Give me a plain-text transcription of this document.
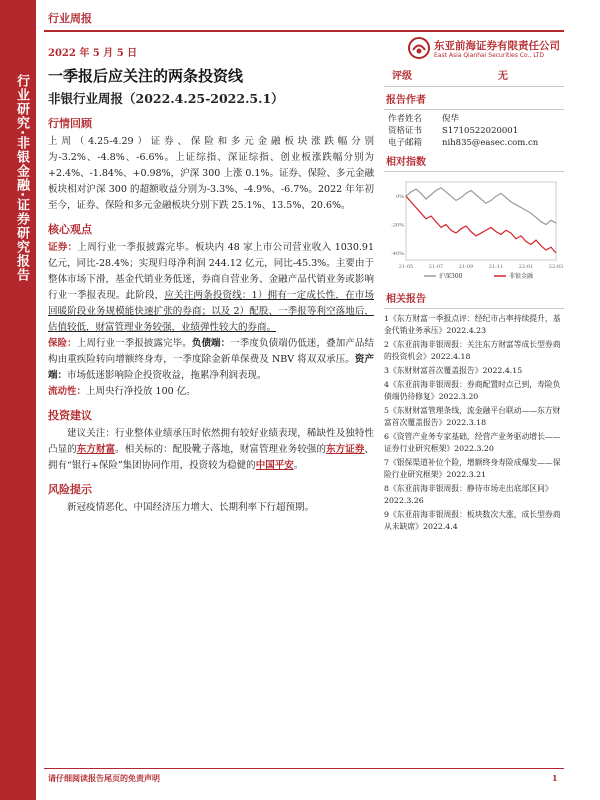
行业研究·非银金融·证券研究报告
行业周报
2022 年 5 月 5 日
东亚前海证券有限责任公司
East Asia Qianhai Securities Co., LTD
一季报后应关注的两条投资线
非银行业周报（2022.4.25-2022.5.1）
行情回顾

上周（4.25-4.29）证券、保险和多元金融板块涨跌幅分别为-3.2%、-4.8%、-6.6%。上证综指、深证综指、创业板涨跌幅分别为+2.4%、-1.84%、+0.98%，沪深 300 上涨 0.1%。证券、保险、多元金融板块相对沪深 300 的超额收益分别为-3.3%、-4.9%、-6.7%。2022 年年初至今，证券、保险和多元金融板块分别下跌 25.1%、13.5%、20.6%。

核心观点

证券：上周行业一季报披露完毕。板块内 48 家上市公司营业收入 1030.91 亿元，同比-28.4%；实现归母净利润 244.12 亿元，同比-45.3%。主要由于整体市场下滑，基金代销业务低迷，券商自营业务、金融产品代销业务或影响行业一季报表现。此阶段，应关注两条投资线：1）拥有一定成长性，在市场回暖阶段业务规模能快速扩张的券商；以及 2）配股、一季报等利空落地后，估值较低，财富管理业务较强，业绩弹性较大的券商。

保险：上周行业一季报披露完毕。负债端：一季度负债端仍低迷，叠加产品结构由重疾险转向增额终身寿，一季度除金新单保费及 NBV 将双双承压。资产端：市场低迷影响险企投资收益，拖累净利润表现。

流动性：上周央行净投放 100 亿。

投资建议

建议关注：行业整体业绩承压时依然拥有较好业绩表现，稀缺性及独特性凸显的东方财富。相关标的：配股靴子落地，财富管理业务较强的东方证券、拥有“银行+保险”集团协同作用，投资较为稳健的中国平安。

风险提示

新冠疫情恶化、中国经济压力增大、长期利率下行超预期。

评级	无
报告作者
作者姓名	倪华
资格证书	S1710522020001
电子邮箱	nih835@easec.com.cn
相对指数
-40%
-20%
0%
21-05	21-07	21-09	21-11	22-01	22-03
沪深300	非银金融
相关报告
1《东方财富一季报点评：经纪市占率持续提升，基金代销业务承压》2022.4.23
2《东亚前海非银周报：关注东方财富等成长型券商的投资机会》2022.4.18
3《东财财富首次覆盖报告》2022.4.15
4《东亚前海非银周报：券商配置时点已到，寿险负债端仍待修复》2022.3.20
5《东财财富管理条线，流金融平台联动——东方财富首次覆盖报告》2022.3.18
6《资管产业务专家基础，经营产业务驱动增长——证券行业研究框架》2022.3.20
7《银保渠道补位个险，增额终身寿险成爆发——保险行业研究框架》2022.3.21
8《东亚前海非银周报：静待市场走出底部区间》2022.3.26
9《东亚前海非银周报：板块数次大涨，成长型券商从未缺席》2022.4.4
请仔细阅读报告尾页的免责声明	1
